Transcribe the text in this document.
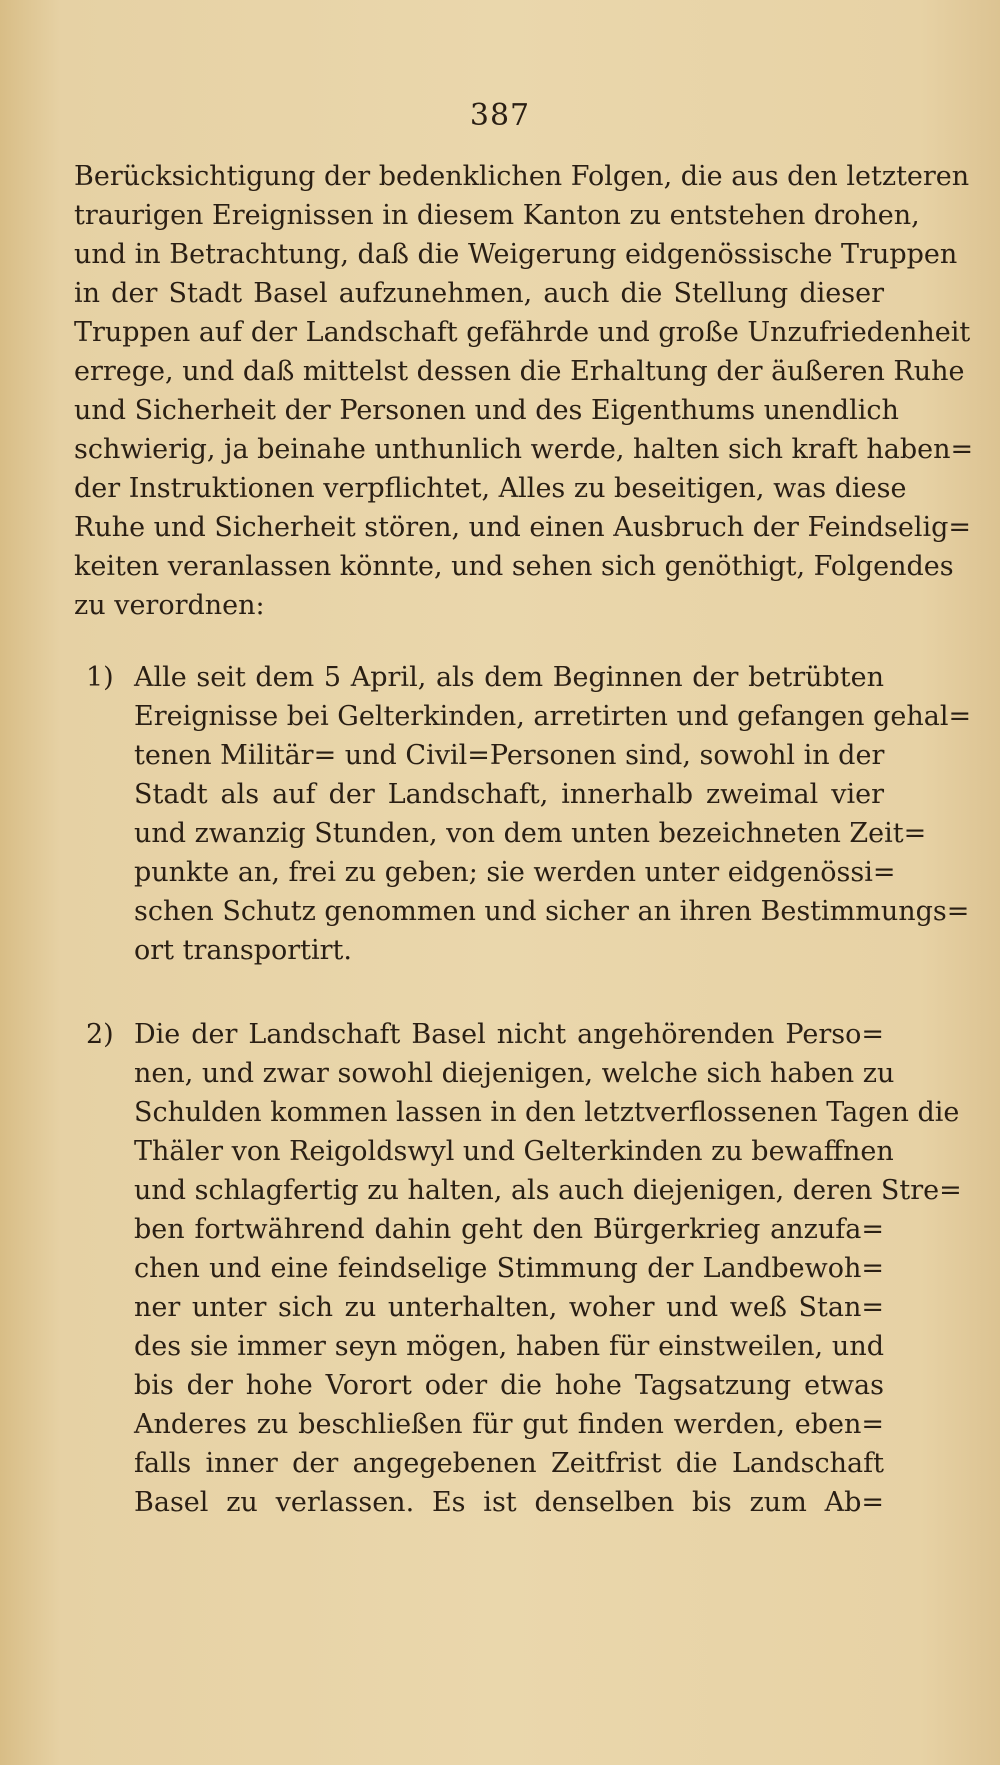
387
Berücksichtigung der bedenklichen Folgen, die aus den letzteren
traurigen Ereignissen in diesem Kanton zu entstehen drohen,
und in Betrachtung, daß die Weigerung eidgenössische Truppen
in der Stadt Basel aufzunehmen, auch die Stellung dieser
Truppen auf der Landschaft gefährde und große Unzufriedenheit
errege, und daß mittelst dessen die Erhaltung der äußeren Ruhe
und Sicherheit der Personen und des Eigenthums unendlich
schwierig, ja beinahe unthunlich werde, halten sich kraft haben=
der Instruktionen verpflichtet, Alles zu beseitigen, was diese
Ruhe und Sicherheit stören, und einen Ausbruch der Feindselig=
keiten veranlassen könnte, und sehen sich genöthigt, Folgendes
zu verordnen:
1) Alle seit dem 5 April, als dem Beginnen der betrübten
Ereignisse bei Gelterkinden, arretirten und gefangen gehal=
tenen Militär= und Civil=Personen sind, sowohl in der
Stadt als auf der Landschaft, innerhalb zweimal vier
und zwanzig Stunden, von dem unten bezeichneten Zeit=
punkte an, frei zu geben; sie werden unter eidgenössi=
schen Schutz genommen und sicher an ihren Bestimmungs=
ort transportirt.
2) Die der Landschaft Basel nicht angehörenden Perso=
nen, und zwar sowohl diejenigen, welche sich haben zu
Schulden kommen lassen in den letztverflossenen Tagen die
Thäler von Reigoldswyl und Gelterkinden zu bewaffnen
und schlagfertig zu halten, als auch diejenigen, deren Stre=
ben fortwährend dahin geht den Bürgerkrieg anzufa=
chen und eine feindselige Stimmung der Landbewoh=
ner unter sich zu unterhalten, woher und weß Stan=
des sie immer seyn mögen, haben für einstweilen, und
bis der hohe Vorort oder die hohe Tagsatzung etwas
Anderes zu beschließen für gut finden werden, eben=
falls inner der angegebenen Zeitfrist die Landschaft
Basel zu verlassen. Es ist denselben bis zum Ab=
